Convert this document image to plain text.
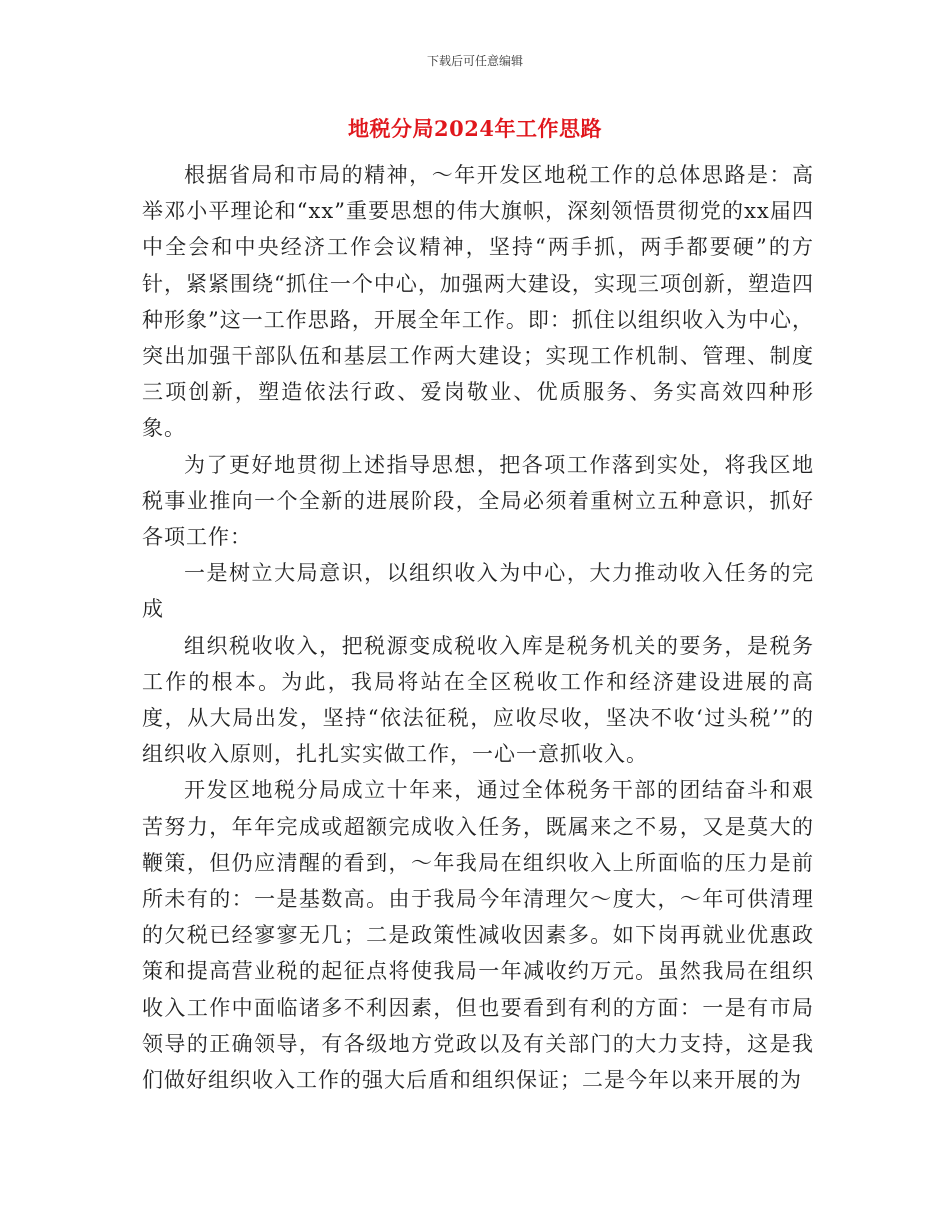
下载后可任意编辑
地税分局2024年工作思路

根据省局和市局的精神，～年开发区地税工作的总体思路是：高举邓小平理论和“xx”重要思想的伟大旗帜，深刻领悟贯彻党的xx届四中全会和中央经济工作会议精神，坚持“两手抓，两手都要硬”的方针，紧紧围绕“抓住一个中心，加强两大建设，实现三项创新，塑造四种形象”这一工作思路，开展全年工作。即：抓住以组织收入为中心，突出加强干部队伍和基层工作两大建设；实现工作机制、管理、制度三项创新，塑造依法行政、爱岗敬业、优质服务、务实高效四种形象。

为了更好地贯彻上述指导思想，把各项工作落到实处，将我区地税事业推向一个全新的进展阶段，全局必须着重树立五种意识，抓好各项工作：

一是树立大局意识，以组织收入为中心，大力推动收入任务的完成

组织税收收入，把税源变成税收入库是税务机关的要务，是税务工作的根本。为此，我局将站在全区税收工作和经济建设进展的高度，从大局出发，坚持“依法征税，应收尽收，坚决不收‘过头税’”的组织收入原则，扎扎实实做工作，一心一意抓收入。

开发区地税分局成立十年来，通过全体税务干部的团结奋斗和艰苦努力，年年完成或超额完成收入任务，既属来之不易，又是莫大的鞭策，但仍应清醒的看到，～年我局在组织收入上所面临的压力是前所未有的：一是基数高。由于我局今年清理欠～度大，～年可供清理的欠税已经寥寥无几；二是政策性减收因素多。如下岗再就业优惠政策和提高营业税的起征点将使我局一年减收约万元。虽然我局在组织收入工作中面临诸多不利因素，但也要看到有利的方面：一是有市局领导的正确领导，有各级地方党政以及有关部门的大力支持，这是我们做好组织收入工作的强大后盾和组织保证；二是今年以来开展的为
